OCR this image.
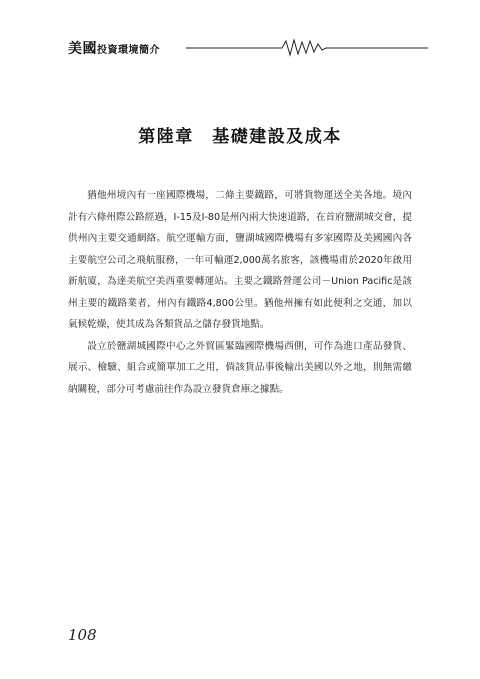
美國投資環境簡介
第陸章　基礎建設及成本

猶他州境內有一座國際機場，二條主要鐵路，可將貨物運送全美各地。境內計有六條州際公路經過，I-15及I-80是州內兩大快速道路，在首府鹽湖城交會，提供州內主要交通網絡。航空運輸方面，鹽湖城國際機場有多家國際及美國國內各主要航空公司之飛航服務，一年可輸運2,000萬名旅客，該機場甫於2020年啟用新航廈，為達美航空美西重要轉運站。主要之鐵路營運公司－Union Pacific是該州主要的鐵路業者，州內有鐵路4,800公里。猶他州擁有如此便利之交通，加以氣候乾燥，使其成為各類貨品之儲存發貨地點。

設立於鹽湖城國際中心之外貿區緊臨國際機場西側，可作為進口產品發貨、展示、檢驗、組合或簡單加工之用，倘該貨品事後輸出美國以外之地，則無需繳納關稅，部分可考慮前往作為設立發貨倉庫之據點。

108
